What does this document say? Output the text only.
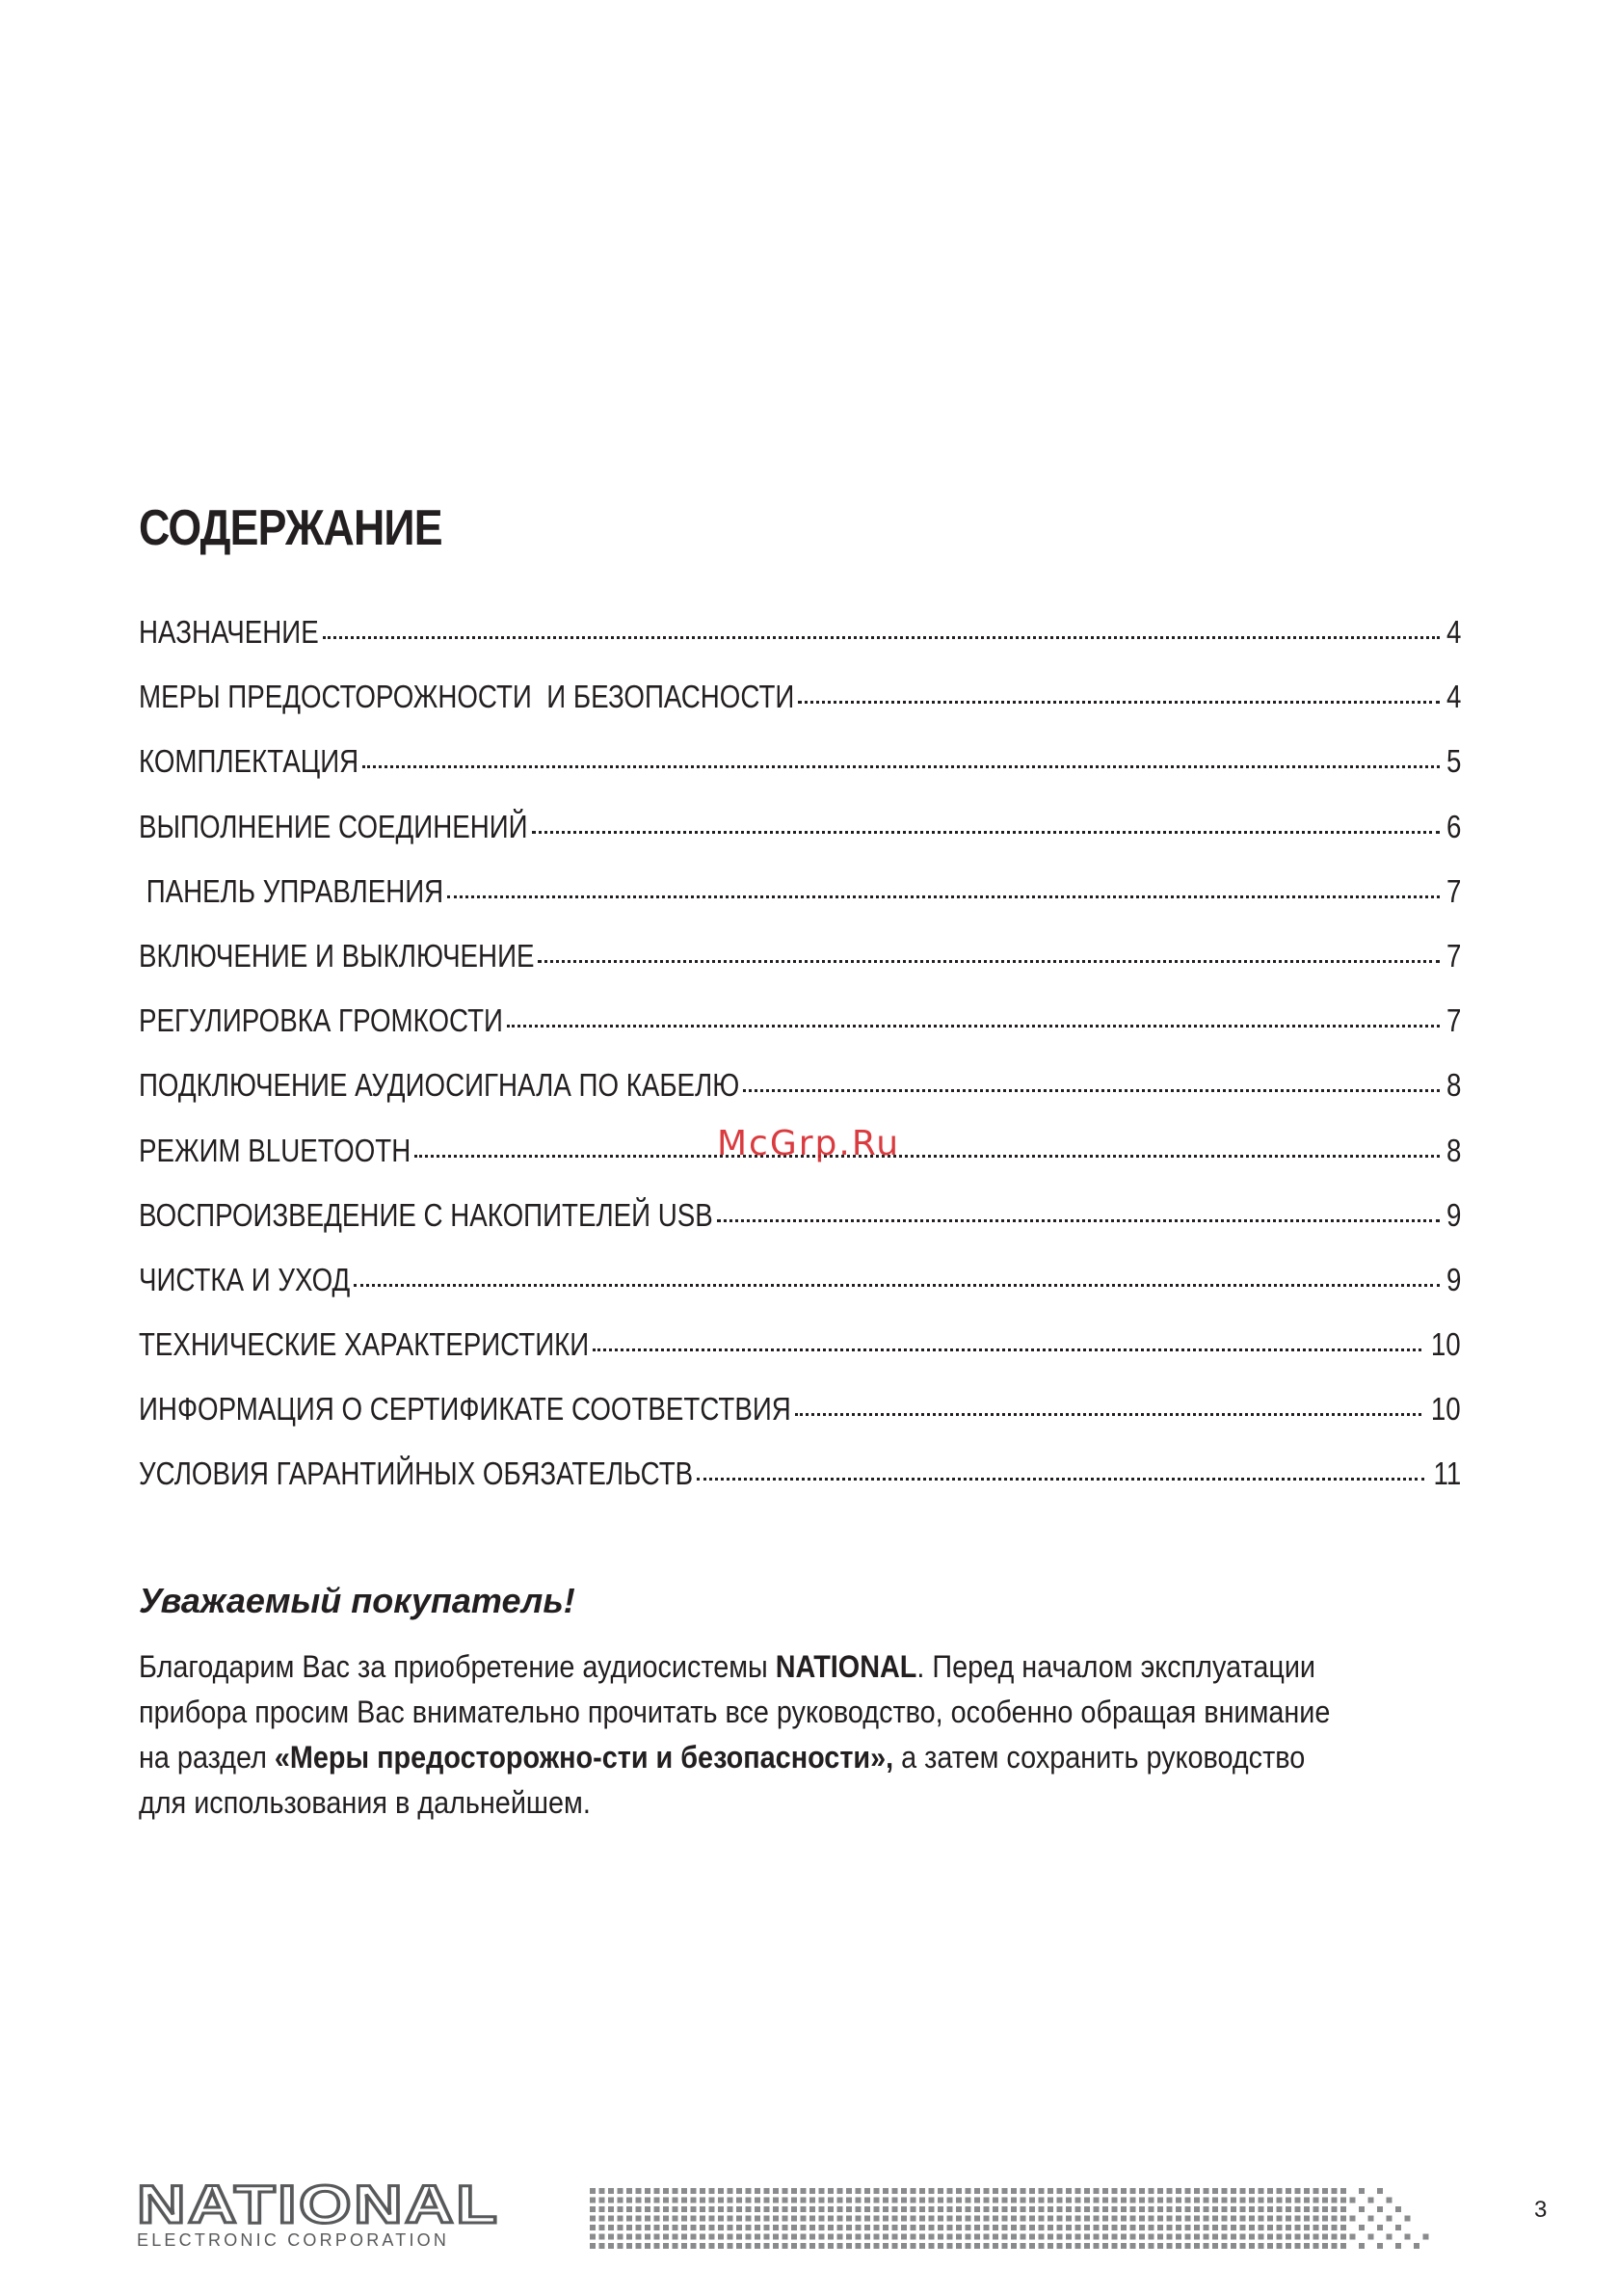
СОДЕРЖАНИЕ
НАЗНАЧЕНИЕ	4
МЕРЫ ПРЕДОСТОРОЖНОСТИ  И БЕЗОПАСНОСТИ	4
КОМПЛЕКТАЦИЯ	5
ВЫПОЛНЕНИЕ СОЕДИНЕНИЙ	6
ПАНЕЛЬ УПРАВЛЕНИЯ	7
ВКЛЮЧЕНИЕ И ВЫКЛЮЧЕНИЕ	7
РЕГУЛИРОВКА ГРОМКОСТИ	7
ПОДКЛЮЧЕНИЕ АУДИОСИГНАЛА ПО КАБЕЛЮ	8
РЕЖИМ BLUETOOTH	8
ВОСПРОИЗВЕДЕНИЕ С НАКОПИТЕЛЕЙ USB	9
ЧИСТКА И УХОД	9
ТЕХНИЧЕСКИЕ ХАРАКТЕРИСТИКИ	10
ИНФОРМАЦИЯ О СЕРТИФИКАТЕ СООТВЕТСТВИЯ	10
УСЛОВИЯ ГАРАНТИЙНЫХ ОБЯЗАТЕЛЬСТВ	11
McGrp.Ru
Уважаемый покупатель!

Благодарим Вас за приобретение аудиосистемы NATIONAL. Перед началом эксплуатации прибора просим Вас внимательно прочитать все руководство, особенно обращая внимание на раздел «Меры предосторожно-сти и безопасности», а затем сохранить руководство для использования в дальнейшем.

NATIONAL
ELECTRONIC CORPORATION
3
